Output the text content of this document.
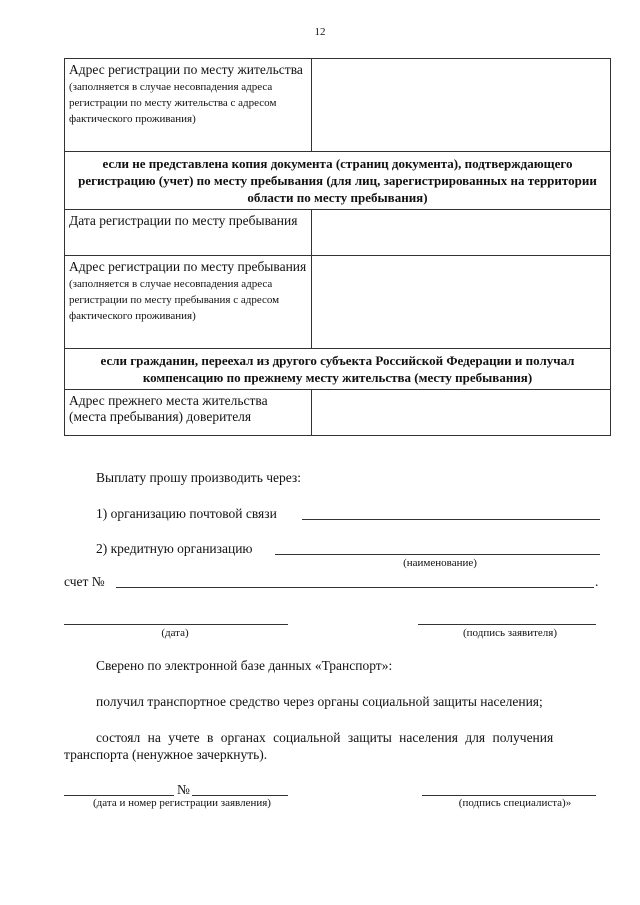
12
Адрес регистрации по месту жительства (заполняется в случае несовпадения адреса регистрации по месту жительства с адресом фактического проживания)	
если не представлена копия документа (страниц документа), подтверждающего регистрацию (учет) по месту пребывания (для лиц, зарегистрированных на территории области по месту пребывания)	
Дата регистрации по месту пребывания	
Адрес регистрации по месту пребывания (заполняется в случае несовпадения адреса регистрации по месту пребывания с адресом фактического проживания)	
если гражданин, переехал из другого субъекта Российской Федерации и получал компенсацию по прежнему месту жительства (месту пребывания)	
Адрес прежнего места жительства (места пребывания) доверителя	
Выплату прошу производить через:
1) организацию почтовой связи
2) кредитную организацию
(наименование)
счет №	.
(дата)	(подпись заявителя)
Сверено по электронной базе данных «Транспорт»:
получил транспортное средство через органы социальной защиты населения;
состоял на учете в органах социальной защиты населения для получения
транспорта (ненужное зачеркнуть).
№
(дата и номер регистрации заявления)	(подпись специалиста)»
